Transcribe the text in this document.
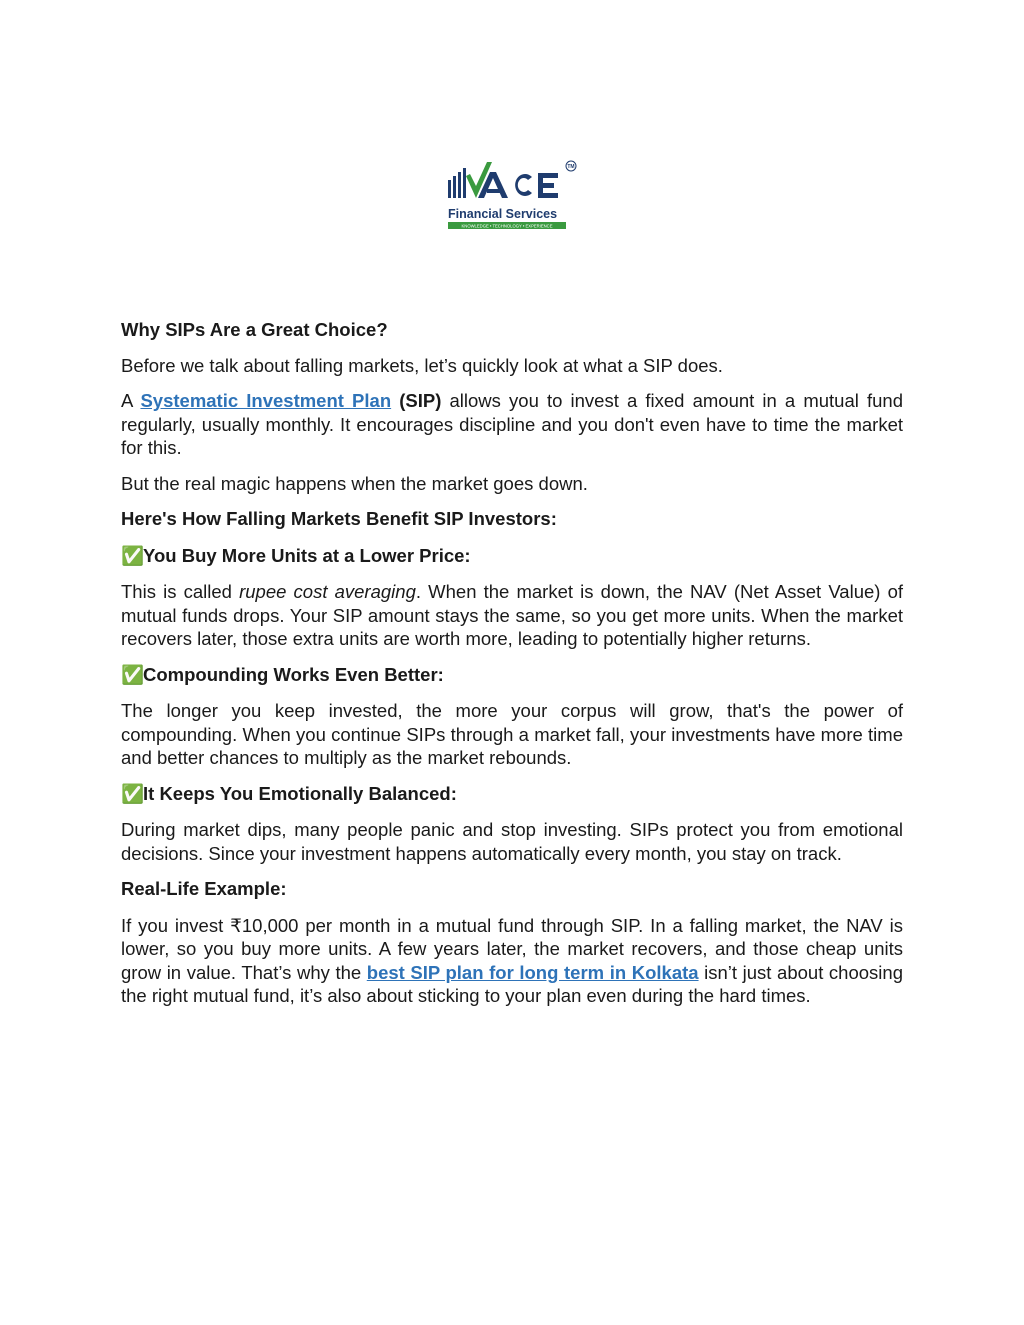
TM
Financial Services
KNOWLEDGE • TECHNOLOGY • EXPERIENCE
Why SIPs Are a Great Choice?

Before we talk about falling markets, let’s quickly look at what a SIP does.

A Systematic Investment Plan (SIP) allows you to invest a fixed amount in a mutual fund regularly, usually monthly. It encourages discipline and you don't even have to time the market for this.

But the real magic happens when the market goes down.

Here's How Falling Markets Benefit SIP Investors:
✅You Buy More Units at a Lower Price:

This is called rupee cost averaging. When the market is down, the NAV (Net Asset Value) of mutual funds drops. Your SIP amount stays the same, so you get more units. When the market recovers later, those extra units are worth more, leading to potentially higher returns.

✅Compounding Works Even Better:

The longer you keep invested, the more your corpus will grow, that's the power of compounding. When you continue SIPs through a market fall, your investments have more time and better chances to multiply as the market rebounds.

✅It Keeps You Emotionally Balanced:

During market dips, many people panic and stop investing. SIPs protect you from emotional decisions. Since your investment happens automatically every month, you stay on track.

Real-Life Example:

If you invest ₹10,000 per month in a mutual fund through SIP. In a falling market, the NAV is lower, so you buy more units. A few years later, the market recovers, and those cheap units grow in value. That’s why the best SIP plan for long term in Kolkata isn’t just about choosing the right mutual fund, it’s also about sticking to your plan even during the hard times.
